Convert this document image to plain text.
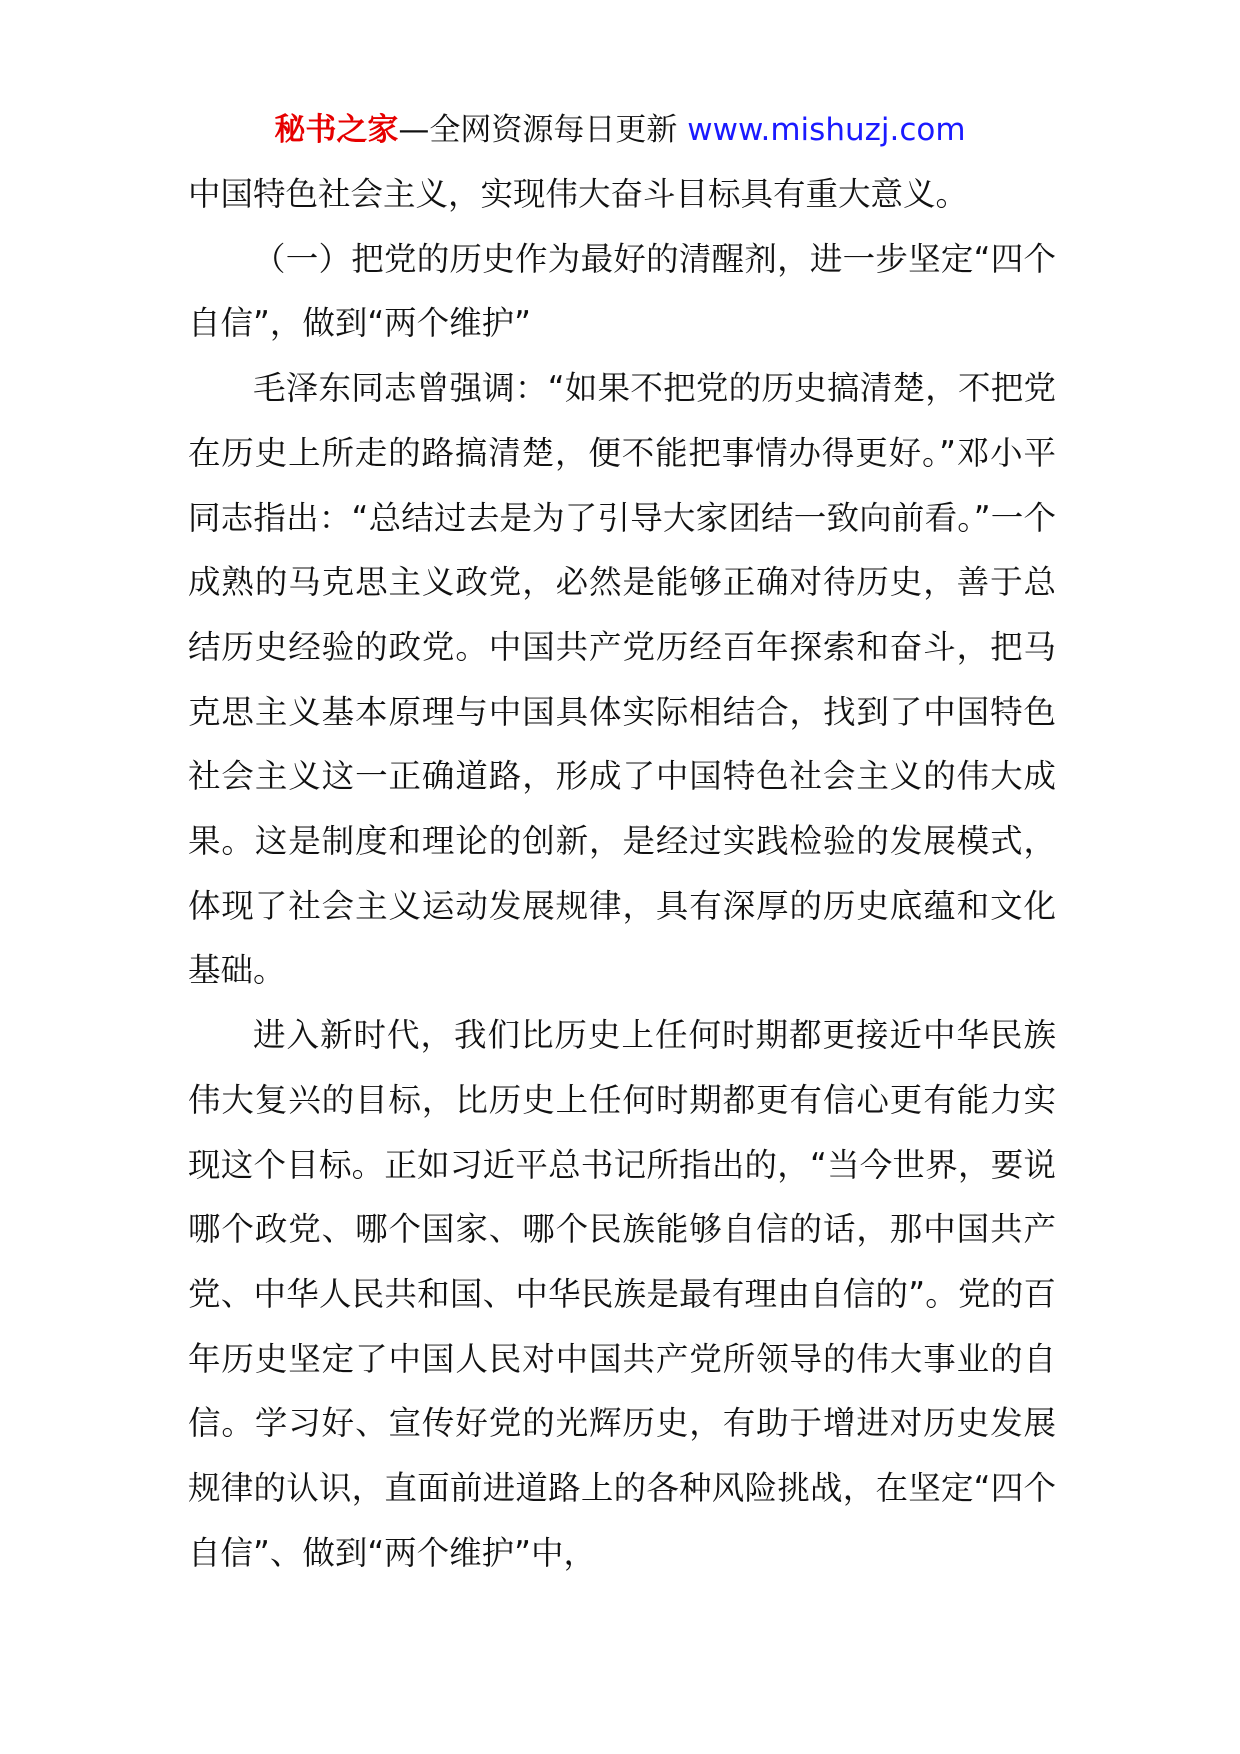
秘书之家—全网资源每日更新 www.mishuzj.com

中国特色社会主义，实现伟大奋斗目标具有重大意义。

（一）把党的历史作为最好的清醒剂，进一步坚定“四个自信”，做到“两个维护”

毛泽东同志曾强调：“如果不把党的历史搞清楚，不把党在历史上所走的路搞清楚，便不能把事情办得更好。”邓小平同志指出：“总结过去是为了引导大家团结一致向前看。”一个成熟的马克思主义政党，必然是能够正确对待历史，善于总结历史经验的政党。中国共产党历经百年探索和奋斗，把马克思主义基本原理与中国具体实际相结合，找到了中国特色社会主义这一正确道路，形成了中国特色社会主义的伟大成果。这是制度和理论的创新，是经过实践检验的发展模式，体现了社会主义运动发展规律，具有深厚的历史底蕴和文化基础。

进入新时代，我们比历史上任何时期都更接近中华民族伟大复兴的目标，比历史上任何时期都更有信心更有能力实现这个目标。正如习近平总书记所指出的，“当今世界，要说哪个政党、哪个国家、哪个民族能够自信的话，那中国共产党、中华人民共和国、中华民族是最有理由自信的”。党的百年历史坚定了中国人民对中国共产党所领导的伟大事业的自信。学习好、宣传好党的光辉历史，有助于增进对历史发展规律的认识，直面前进道路上的各种风险挑战，在坚定“四个自信”、做到“两个维护”中，
